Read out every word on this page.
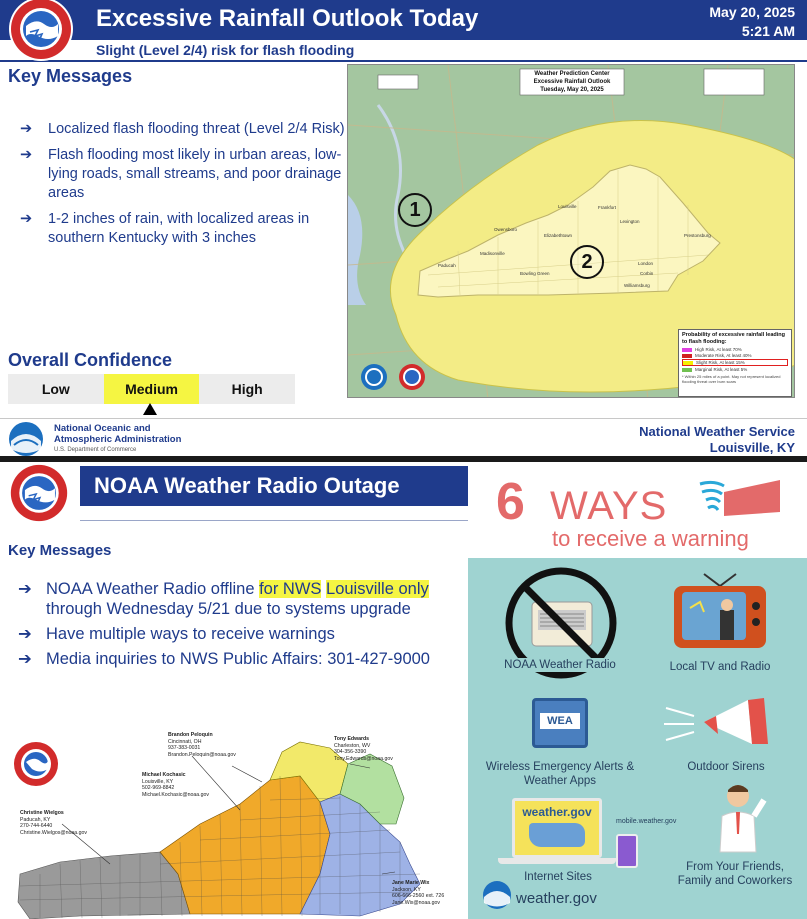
Excessive Rainfall Outlook Today	May 20, 2025
5:21 AM
Slight (Level 2/4) risk for flash flooding
Key Messages
➔ Localized flash flooding threat (Level 2/4 Risk)
➔ Flash flooding most likely in urban areas, low-lying roads, small streams, and poor drainage areas
➔ 1-2 inches of rain, with localized areas in southern Kentucky with 3 inches
Overall Confidence
Low	Medium	High
Weather Prediction Center
Excessive Rainfall Outlook
Tuesday, May 20, 2025
Louisville	Frankfort
Lexington
Elizabethtown
Owensboro
Madisonville
Paducah
Bowling Green
London
Corbin
Williamsburg
Prestonsburg
1
2
Probability of excessive rainfall leading to flash flooding:
High Risk, At least 70%
Moderate Risk, At least 40%
Slight Risk, At least 15%
Marginal Risk, At least 5%
* Within 25 miles of a point. May not represent localized flooding threat over burn scars
National Oceanic and
Atmospheric Administration
U.S. Department of Commerce
National Weather Service
Louisville, KY
NOAA Weather Radio Outage
Key Messages
➔ NOAA Weather Radio offline for NWS Louisville only through Wednesday 5/21 due to systems upgrade
➔ Have multiple ways to receive warnings
➔ Media inquiries to NWS Public Affairs: 301-427-9000
Brandon Peloquin
Cincinnati, OH
937-383-0031
Brandon.Peloquin@noaa.gov
Tony Edwards
Charleston, WV
304-356-3390
Tony.Edwards@noaa.gov
Michael Kochasic
Louisville, KY
502-969-8842
Michael.Kochasic@noaa.gov
Christine Wielgos
Paducah, KY
270-744-6440
Christine.Wielgos@noaa.gov
Jane Marie Wix
Jackson, KY
606-666-2560 ext. 726
Jane.Wix@noaa.gov
6 WAYS
to receive a warning
NOAA Weather Radio	Local TV and Radio
WEA
Wireless Emergency Alerts & Weather Apps
Outdoor Sirens
weather.gov
Internet Sites
mobile.weather.gov
From Your Friends, Family and Coworkers
weather.gov
